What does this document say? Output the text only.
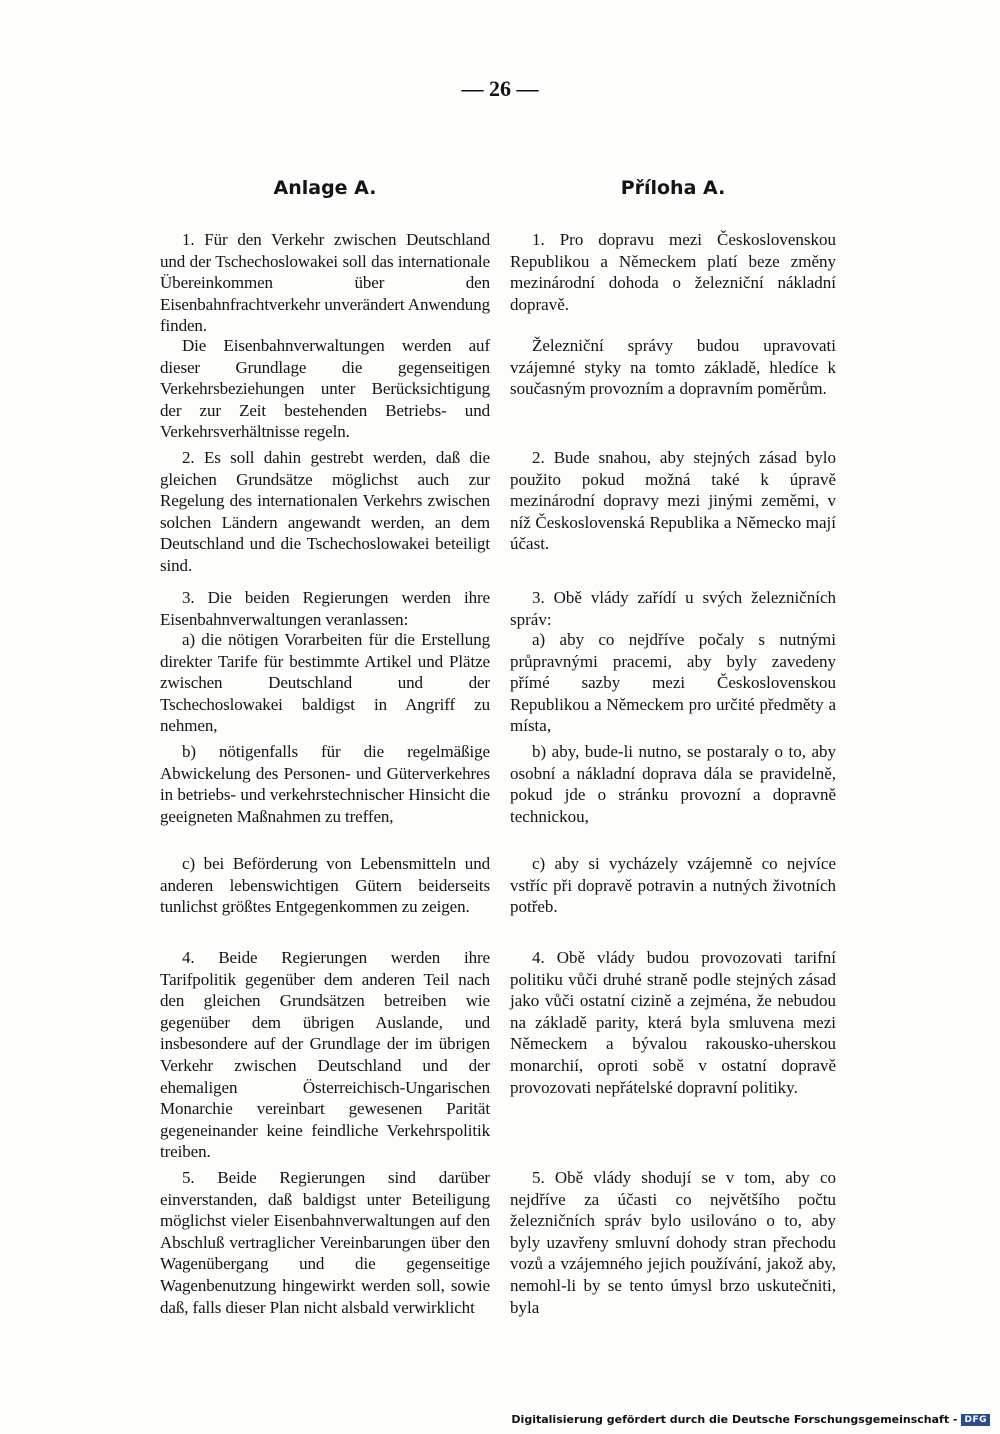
— 26 —
Anlage A.

1. Für den Verkehr zwischen Deutschland und der Tschechoslowakei soll das internationale Übereinkommen über den Eisenbahnfrachtverkehr unverändert Anwendung finden.

Die Eisenbahnverwaltungen werden auf dieser Grundlage die gegenseitigen Verkehrsbeziehungen unter Berücksichtigung der zur Zeit bestehenden Betriebs- und Verkehrsverhältnisse regeln.

2. Es soll dahin gestrebt werden, daß die gleichen Grundsätze möglichst auch zur Regelung des internationalen Verkehrs zwischen solchen Ländern angewandt werden, an dem Deutschland und die Tschechoslowakei beteiligt sind.

3. Die beiden Regierungen werden ihre Eisenbahnverwaltungen veranlassen:

a) die nötigen Vorarbeiten für die Erstellung direkter Tarife für bestimmte Artikel und Plätze zwischen Deutschland und der Tschechoslowakei baldigst in Angriff zu nehmen,

b) nötigenfalls für die regelmäßige Abwickelung des Personen- und Güterverkehres in betriebs- und verkehrstechnischer Hinsicht die geeigneten Maßnahmen zu treffen,

c) bei Beförderung von Lebensmitteln und anderen lebenswichtigen Gütern beiderseits tunlichst größtes Entgegenkommen zu zeigen.

4. Beide Regierungen werden ihre Tarifpolitik gegenüber dem anderen Teil nach den gleichen Grundsätzen betreiben wie gegenüber dem übrigen Auslande, und insbesondere auf der Grundlage der im übrigen Verkehr zwischen Deutschland und der ehemaligen Österreichisch-Ungarischen Monarchie vereinbart gewesenen Parität gegeneinander keine feindliche Verkehrspolitik treiben.

5. Beide Regierungen sind darüber einverstanden, daß baldigst unter Beteiligung möglichst vieler Eisenbahnverwaltungen auf den Abschluß vertraglicher Vereinbarungen über den Wagenübergang und die gegenseitige Wagenbenutzung hingewirkt werden soll, sowie daß, falls dieser Plan nicht alsbald verwirklicht

Příloha A.

1. Pro dopravu mezi Československou Republikou a Německem platí beze změny mezinárodní dohoda o železniční nákladní dopravě.

Železniční správy budou upravovati vzájemné styky na tomto základě, hledíce k současným provozním a dopravním poměrům.

2. Bude snahou, aby stejných zásad bylo použito pokud možná také k úpravě mezinárodní dopravy mezi jinými zeměmi, v níž Československá Republika a Německo mají účast.

3. Obě vlády zařídí u svých železničních správ:

a) aby co nejdříve počaly s nutnými průpravnými pracemi, aby byly zavedeny přímé sazby mezi Československou Republikou a Německem pro určité předměty a místa,

b) aby, bude-li nutno, se postaraly o to, aby osobní a nákladní doprava dála se pravidelně, pokud jde o stránku provozní a dopravně technickou,

c) aby si vycházely vzájemně co nejvíce vstříc při dopravě potravin a nutných životních potřeb.

4. Obě vlády budou provozovati tarifní politiku vůči druhé straně podle stejných zásad jako vůči ostatní cizině a zejména, že nebudou na základě parity, která byla smluvena mezi Německem a bývalou rakousko-uherskou monarchií, oproti sobě v ostatní dopravě provozovati nepřátelské dopravní politiky.

5. Obě vlády shodují se v tom, aby co nejdříve za účasti co největšího počtu železničních správ bylo usilováno o to, aby byly uzavřeny smluvní dohody stran přechodu vozů a vzájemného jejich používání, jakož aby, nemohl-li by se tento úmysl brzo uskutečniti, byla

Digitalisierung gefördert durch die Deutsche Forschungsgemeinschaft - DFG
